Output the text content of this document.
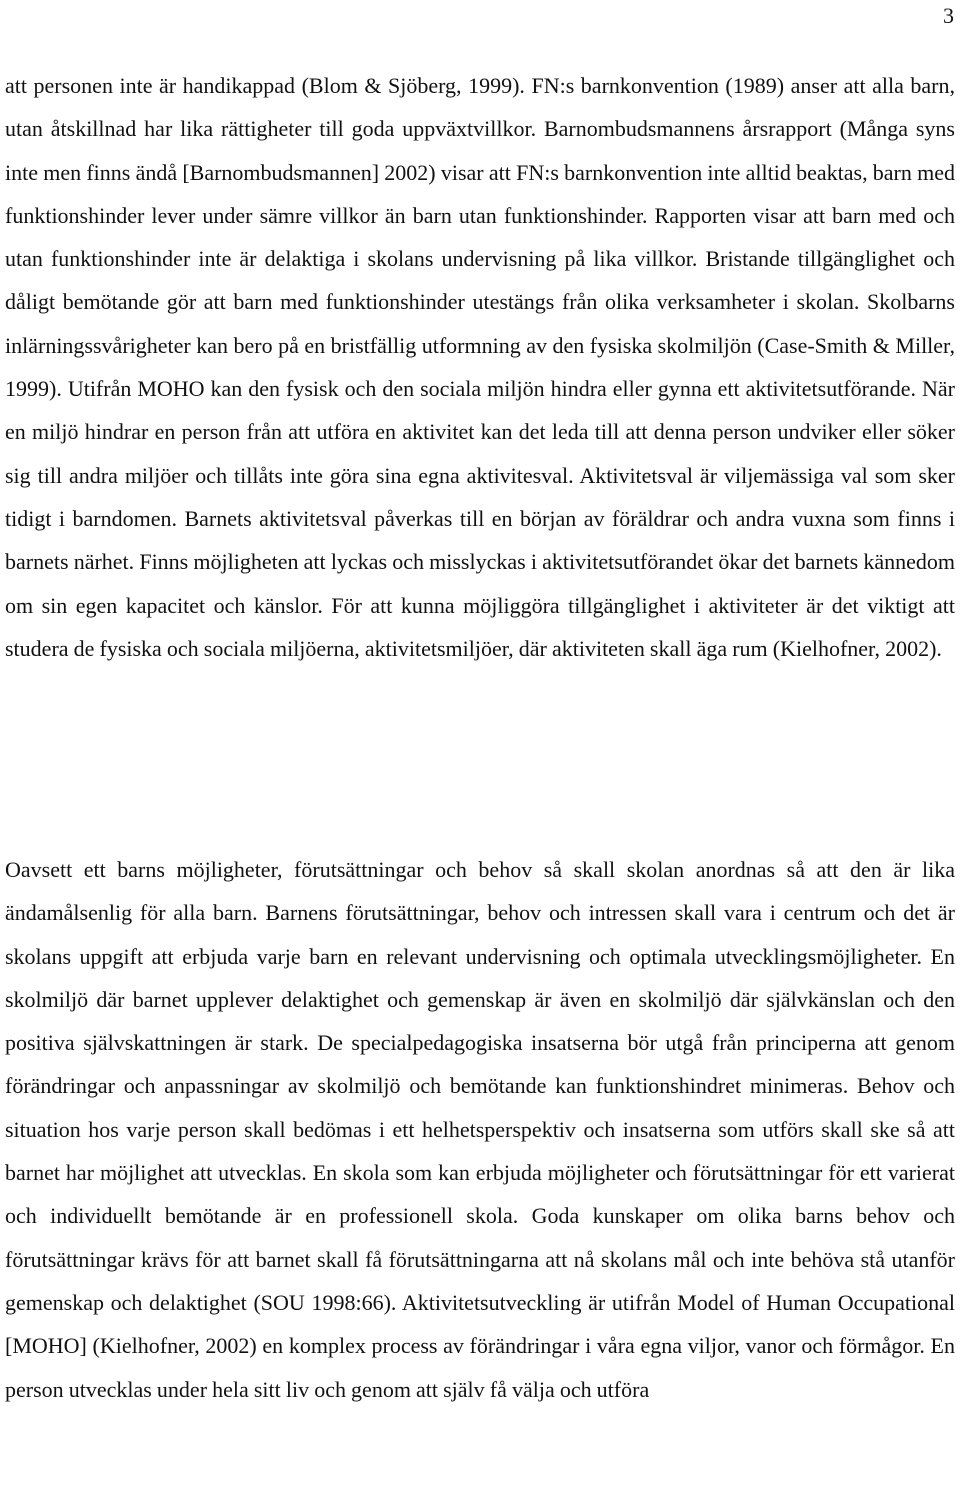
3

att personen inte är handikappad (Blom & Sjöberg, 1999). FN:s barnkonvention (1989) anser att alla barn, utan åtskillnad har lika rättigheter till goda uppväxtvillkor. Barnombudsmannens årsrapport (Många syns inte men finns ändå [Barnombudsmannen] 2002) visar att FN:s barnkonvention inte alltid beaktas, barn med funktionshinder lever under sämre villkor än barn utan funktionshinder. Rapporten visar att barn med och utan funktionshinder inte är delaktiga i skolans undervisning på lika villkor. Bristande tillgänglighet och dåligt bemötande gör att barn med funktionshinder utestängs från olika verksamheter i skolan. Skolbarns inlärningssvårigheter kan bero på en bristfällig utformning av den fysiska skolmiljön (Case-Smith & Miller, 1999). Utifrån MOHO kan den fysisk och den sociala miljön hindra eller gynna ett aktivitetsutförande. När en miljö hindrar en person från att utföra en aktivitet kan det leda till att denna person undviker eller söker sig till andra miljöer och tillåts inte göra sina egna aktivitesval. Aktivitetsval är viljemässiga val som sker tidigt i barndomen. Barnets aktivitetsval påverkas till en början av föräldrar och andra vuxna som finns i barnets närhet. Finns möjligheten att lyckas och misslyckas i aktivitetsutförandet ökar det barnets kännedom om sin egen kapacitet och känslor. För att kunna möjliggöra tillgänglighet i aktiviteter är det viktigt att studera de fysiska och sociala miljöerna, aktivitetsmiljöer, där aktiviteten skall äga rum (Kielhofner, 2002).

Oavsett ett barns möjligheter, förutsättningar och behov så skall skolan anordnas så att den är lika ändamålsenlig för alla barn. Barnens förutsättningar, behov och intressen skall vara i centrum och det är skolans uppgift att erbjuda varje barn en relevant undervisning och optimala utvecklingsmöjligheter. En skolmiljö där barnet upplever delaktighet och gemenskap är även en skolmiljö där självkänslan och den positiva självskattningen är stark. De specialpedagogiska insatserna bör utgå från principerna att genom förändringar och anpassningar av skolmiljö och bemötande kan funktionshindret minimeras. Behov och situation hos varje person skall bedömas i ett helhetsperspektiv och insatserna som utförs skall ske så att barnet har möjlighet att utvecklas. En skola som kan erbjuda möjligheter och förutsättningar för ett varierat och individuellt bemötande är en professionell skola. Goda kunskaper om olika barns behov och förutsättningar krävs för att barnet skall få förutsättningarna att nå skolans mål och inte behöva stå utanför gemenskap och delaktighet (SOU 1998:66). Aktivitetsutveckling är utifrån Model of Human Occupational [MOHO] (Kielhofner, 2002) en komplex process av förändringar i våra egna viljor, vanor och förmågor. En person utvecklas under hela sitt liv och genom att själv få välja och utföra
